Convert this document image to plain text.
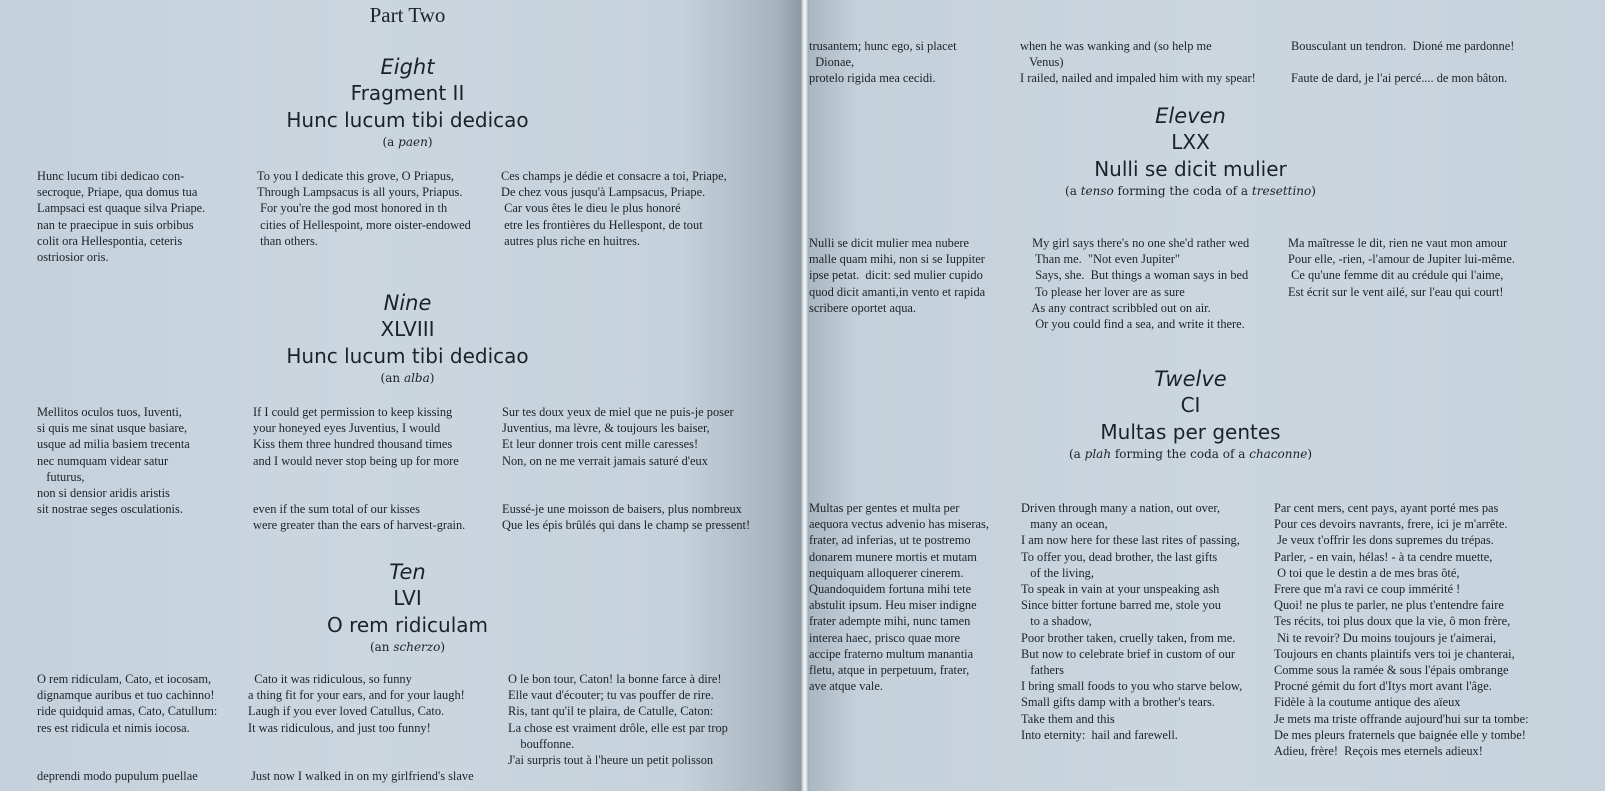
Part Two
Eight
Fragment II
Hunc lucum tibi dedicao
(a paen)
Hunc lucum tibi dedicao con-
secroque, Priape, qua domus tua
Lampsaci est quaque silva Priape.
nan te praecipue in suis orbibus
colit ora Hellespontia, ceteris
ostriosior oris.
To you I dedicate this grove, O Priapus,
Through Lampsacus is all yours, Priapus.
For you're the god most honored in th
cities of Hellespoint, more oister-endowed
than others.
Ces champs je dédie et consacre a toi, Priape,
De chez vous jusqu'à Lampsacus, Priape.
Car vous êtes le dieu le plus honoré
etre les frontières du Hellespont, de tout
autres plus riche en huitres.
Nine
XLVIII
Hunc lucum tibi dedicao
(an alba)
Mellitos oculos tuos, Iuventi,
si quis me sinat usque basiare,
usque ad milia basiem trecenta
nec numquam videar satur
futurus,
non si densior aridis aristis
sit nostrae seges osculationis.
If I could get permission to keep kissing
your honeyed eyes Juventius, I would
Kiss them three hundred thousand times
and I would never stop being up for more

even if the sum total of our kisses
were greater than the ears of harvest-grain.
Sur tes doux yeux de miel que ne puis-je poser
Juventius, ma lèvre, & toujours les baiser,
Et leur donner trois cent mille caresses!
Non, on ne me verrait jamais saturé d'eux

Eussé-je une moisson de baisers, plus nombreux
Que les épis brûlés qui dans le champ se pressent!
Ten
LVI
O rem ridiculam
(an scherzo)
O rem ridiculam, Cato, et iocosam,
dignamque auribus et tuo cachinno!
ride quidquid amas, Cato, Catullum:
res est ridicula et nimis iocosa.

deprendi modo pupulum puellae
Cato it was ridiculous, so funny
a thing fit for your ears, and for your laugh!
Laugh if you ever loved Catullus, Cato.
It was ridiculous, and just too funny!

Just now I walked in on my girlfriend's slave
O le bon tour, Caton! la bonne farce à dire!
Elle vaut d'écouter; tu vas pouffer de rire.
Ris, tant qu'il te plaira, de Catulle, Caton:
La chose est vraiment drôle, elle est par trop
bouffonne.
J'ai surpris tout à l'heure un petit polisson
trusantem; hunc ego, si placet
Dionae,
protelo rigida mea cecidi.
when he was wanking and (so help me
Venus)
I railed, nailed and impaled him with my spear!
Bousculant un tendron.  Dioné me pardonne!

Faute de dard, je l'ai percé.... de mon bâton.
Eleven
LXX
Nulli se dicit mulier
(a tenso forming the coda of a tresettino)
Nulli se dicit mulier mea nubere
malle quam mihi, non si se Iuppiter
ipse petat.  dicit: sed mulier cupido
quod dicit amanti,in vento et rapida
scribere oportet aqua.
My girl says there's no one she'd rather wed
Than me.  "Not even Jupiter"
Says, she.  But things a woman says in bed
To please her lover are as sure
As any contract scribbled out on air.
Or you could find a sea, and write it there.
Ma maîtresse le dit, rien ne vaut mon amour
Pour elle, -rien, -l'amour de Jupiter lui-même.
Ce qu'une femme dit au crédule qui l'aime,
Est écrit sur le vent ailé, sur l'eau qui court!
Twelve
CI
Multas per gentes
(a plah forming the coda of a chaconne)
Multas per gentes et multa per
aequora vectus advenio has miseras,
frater, ad inferias, ut te postremo
donarem munere mortis et mutam
nequiquam alloquerer cinerem.
Quandoquidem fortuna mihi tete
abstulit ipsum. Heu miser indigne
frater adempte mihi, nunc tamen
interea haec, prisco quae more
accipe fraterno multum manantia
fletu, atque in perpetuum, frater,
ave atque vale.
Driven through many a nation, out over,
many an ocean,
I am now here for these last rites of passing,
To offer you, dead brother, the last gifts
of the living,
To speak in vain at your unspeaking ash
Since bitter fortune barred me, stole you
to a shadow,
Poor brother taken, cruelly taken, from me.
But now to celebrate brief in custom of our
fathers
I bring small foods to you who starve below,
Small gifts damp with a brother's tears.
Take them and this
Into eternity:  hail and farewell.
Par cent mers, cent pays, ayant porté mes pas
Pour ces devoirs navrants, frere, ici je m'arrête.
Je veux t'offrir les dons supremes du trépas.
Parler, - en vain, hélas! - à ta cendre muette,
O toi que le destin a de mes bras ôté,
Frere que m'a ravi ce coup immérité !
Quoi! ne plus te parler, ne plus t'entendre faire
Tes récits, toi plus doux que la vie, ô mon frère,
Ni te revoir? Du moins toujours je t'aimerai,
Toujours en chants plaintifs vers toi je chanterai,
Comme sous la ramée & sous l'épais ombrange
Procné gémit du fort d'Itys mort avant l'âge.
Fidèle à la coutume antique des aïeux
Je mets ma triste offrande aujourd'hui sur ta tombe:
De mes pleurs fraternels que baignée elle y tombe!
Adieu, frère!  Reçois mes eternels adieux!
